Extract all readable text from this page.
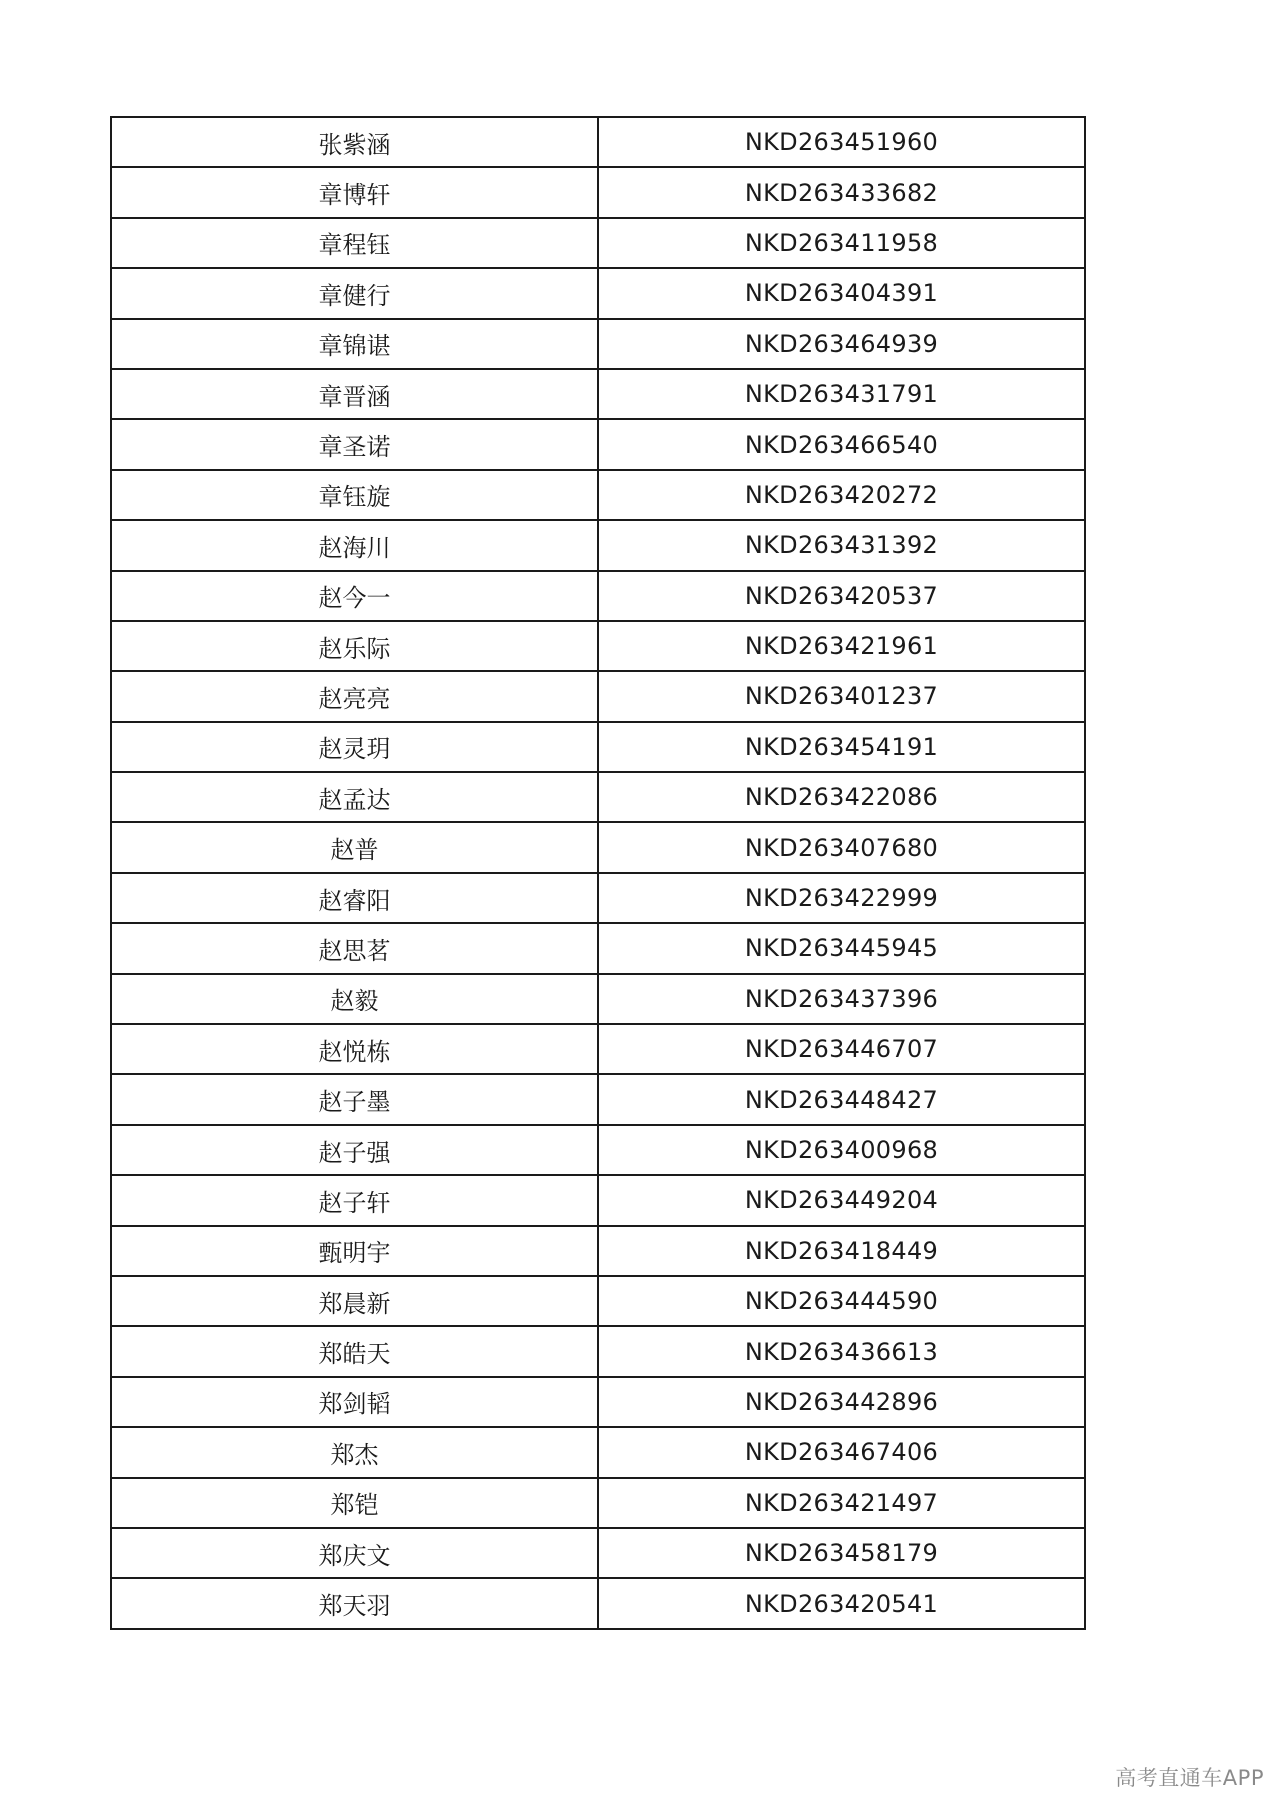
张紫涵	NKD263451960
章博轩	NKD263433682
章程钰	NKD263411958
章健行	NKD263404391
章锦谌	NKD263464939
章晋涵	NKD263431791
章圣诺	NKD263466540
章钰旋	NKD263420272
赵海川	NKD263431392
赵今一	NKD263420537
赵乐际	NKD263421961
赵亮亮	NKD263401237
赵灵玥	NKD263454191
赵孟达	NKD263422086
赵普	NKD263407680
赵睿阳	NKD263422999
赵思茗	NKD263445945
赵毅	NKD263437396
赵悦栋	NKD263446707
赵子墨	NKD263448427
赵子强	NKD263400968
赵子轩	NKD263449204
甄明宇	NKD263418449
郑晨新	NKD263444590
郑皓天	NKD263436613
郑剑韬	NKD263442896
郑杰	NKD263467406
郑铠	NKD263421497
郑庆文	NKD263458179
郑天羽	NKD263420541
高考直通车APP
